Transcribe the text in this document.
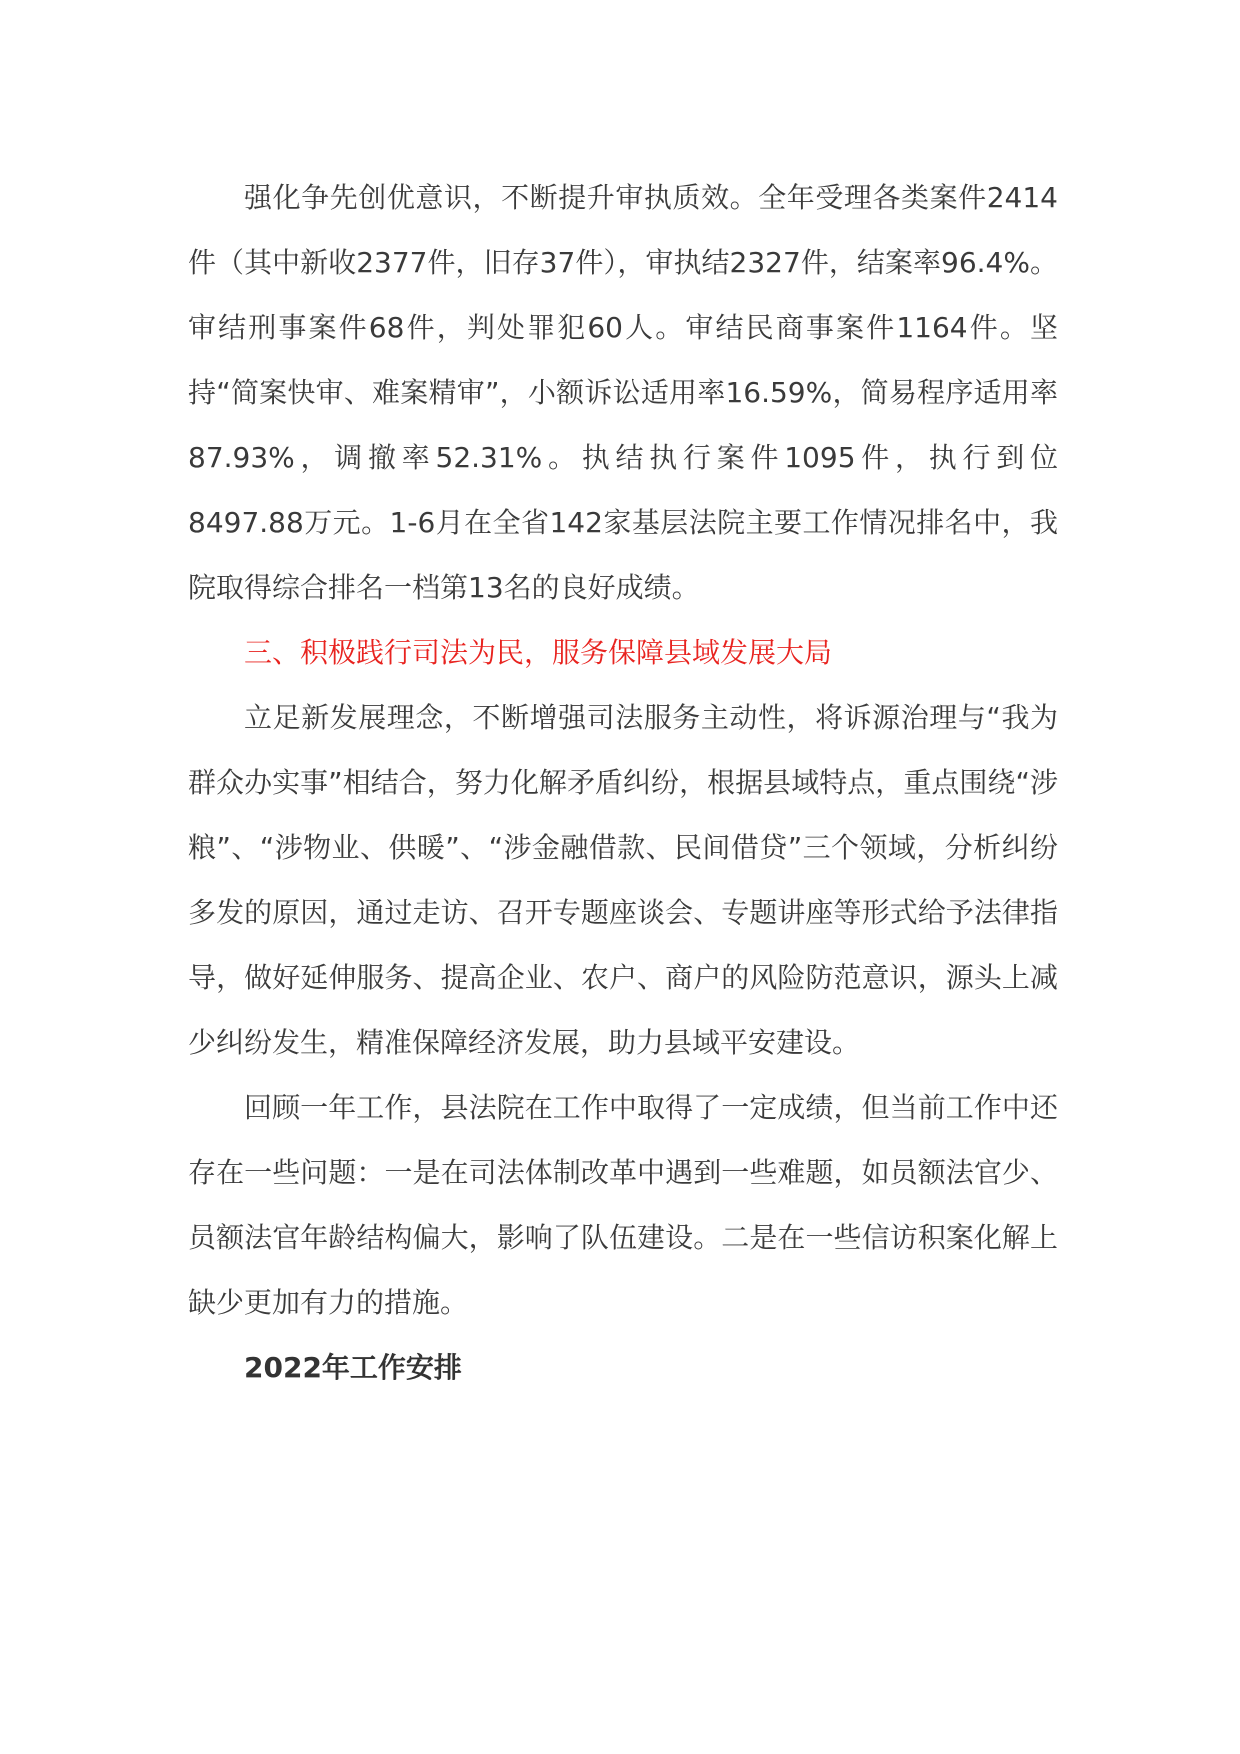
强化争先创优意识，不断提升审执质效。全年受理各类案件2414件（其中新收2377件，旧存37件），审执结2327件，结案率96.4%。审结刑事案件68件，判处罪犯60人。审结民商事案件1164件。坚持“简案快审、难案精审”，小额诉讼适用率16.59%，简易程序适用率87.93%，调撤率52.31%。执结执行案件1095件，执行到位8497.88万元。1-6月在全省142家基层法院主要工作情况排名中，我院取得综合排名一档第13名的良好成绩。

三、积极践行司法为民，服务保障县域发展大局

立足新发展理念，不断增强司法服务主动性，将诉源治理与“我为群众办实事”相结合，努力化解矛盾纠纷，根据县域特点，重点围绕“涉粮”、“涉物业、供暖”、“涉金融借款、民间借贷”三个领域，分析纠纷多发的原因，通过走访、召开专题座谈会、专题讲座等形式给予法律指导，做好延伸服务、提高企业、农户、商户的风险防范意识，源头上减少纠纷发生，精准保障经济发展，助力县域平安建设。

回顾一年工作，县法院在工作中取得了一定成绩，但当前工作中还存在一些问题：一是在司法体制改革中遇到一些难题，如员额法官少、员额法官年龄结构偏大，影响了队伍建设。二是在一些信访积案化解上缺少更加有力的措施。

2022年工作安排
